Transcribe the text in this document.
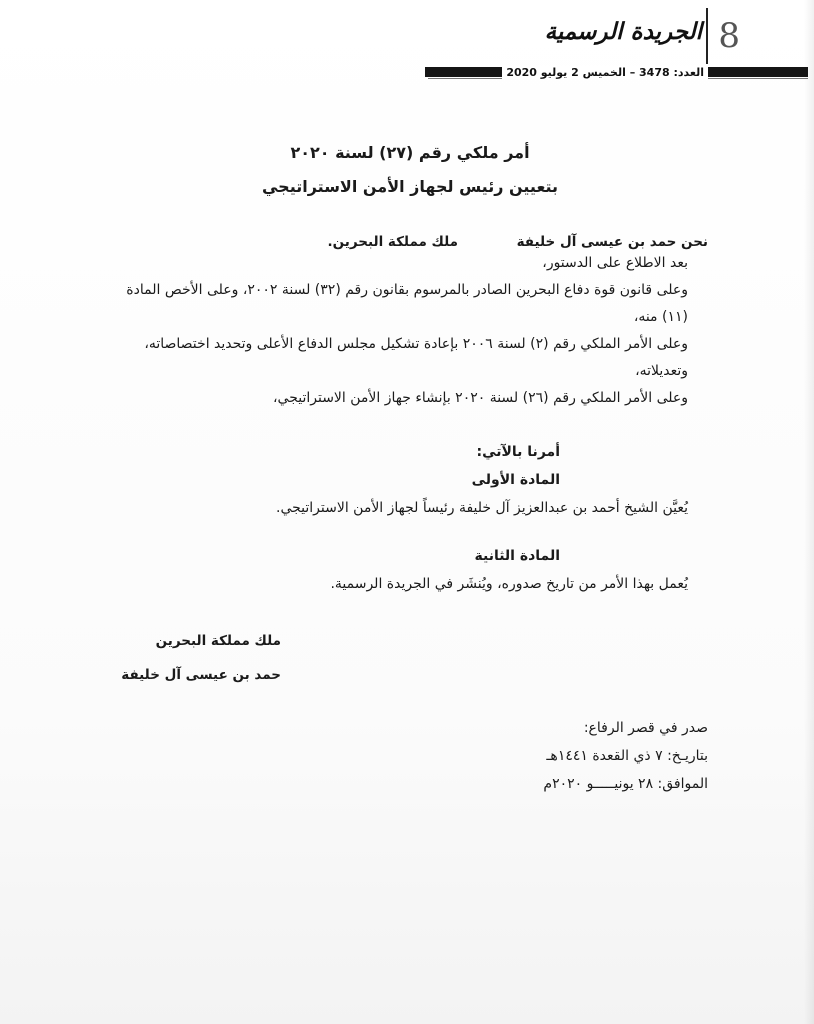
8
الجريدة الرسمية
العدد: 3478 – الخميس 2 يوليو 2020
أمر ملكي رقم (٢٧) لسنة ٢٠٢٠
بتعيين رئيس لجهاز الأمن الاستراتيجي
نحن حمد بن عيسى آل خليفة
ملك مملكة البحرين.

بعد الاطلاع على الدستور،

وعلى قانون قوة دفاع البحرين الصادر بالمرسوم بقانون رقم (٣٢) لسنة ٢٠٠٢، وعلى الأخص المادة (١١) منه،

وعلى الأمر الملكي رقم (٢) لسنة ٢٠٠٦ بإعادة تشكيل مجلس الدفاع الأعلى وتحديد اختصاصاته، وتعديلاته،

وعلى الأمر الملكي رقم (٢٦) لسنة ٢٠٢٠ بإنشاء جهاز الأمن الاستراتيجي،

أمرنا بالآتي:
المادة الأولى
يُعيَّن الشيخ أحمد بن عبدالعزيز آل خليفة رئيساً لجهاز الأمن الاستراتيجي.
المادة الثانية
يُعمل بهذا الأمر من تاريخ صدوره، ويُنشَر في الجريدة الرسمية.
ملك مملكة البحرين
حمد بن عيسى آل خليفة
صدر في قصر الرفاع:
بتاريـخ: ٧ ذي القعدة ١٤٤١هـ
الموافق: ٢٨ يونيـــــو ٢٠٢٠م
